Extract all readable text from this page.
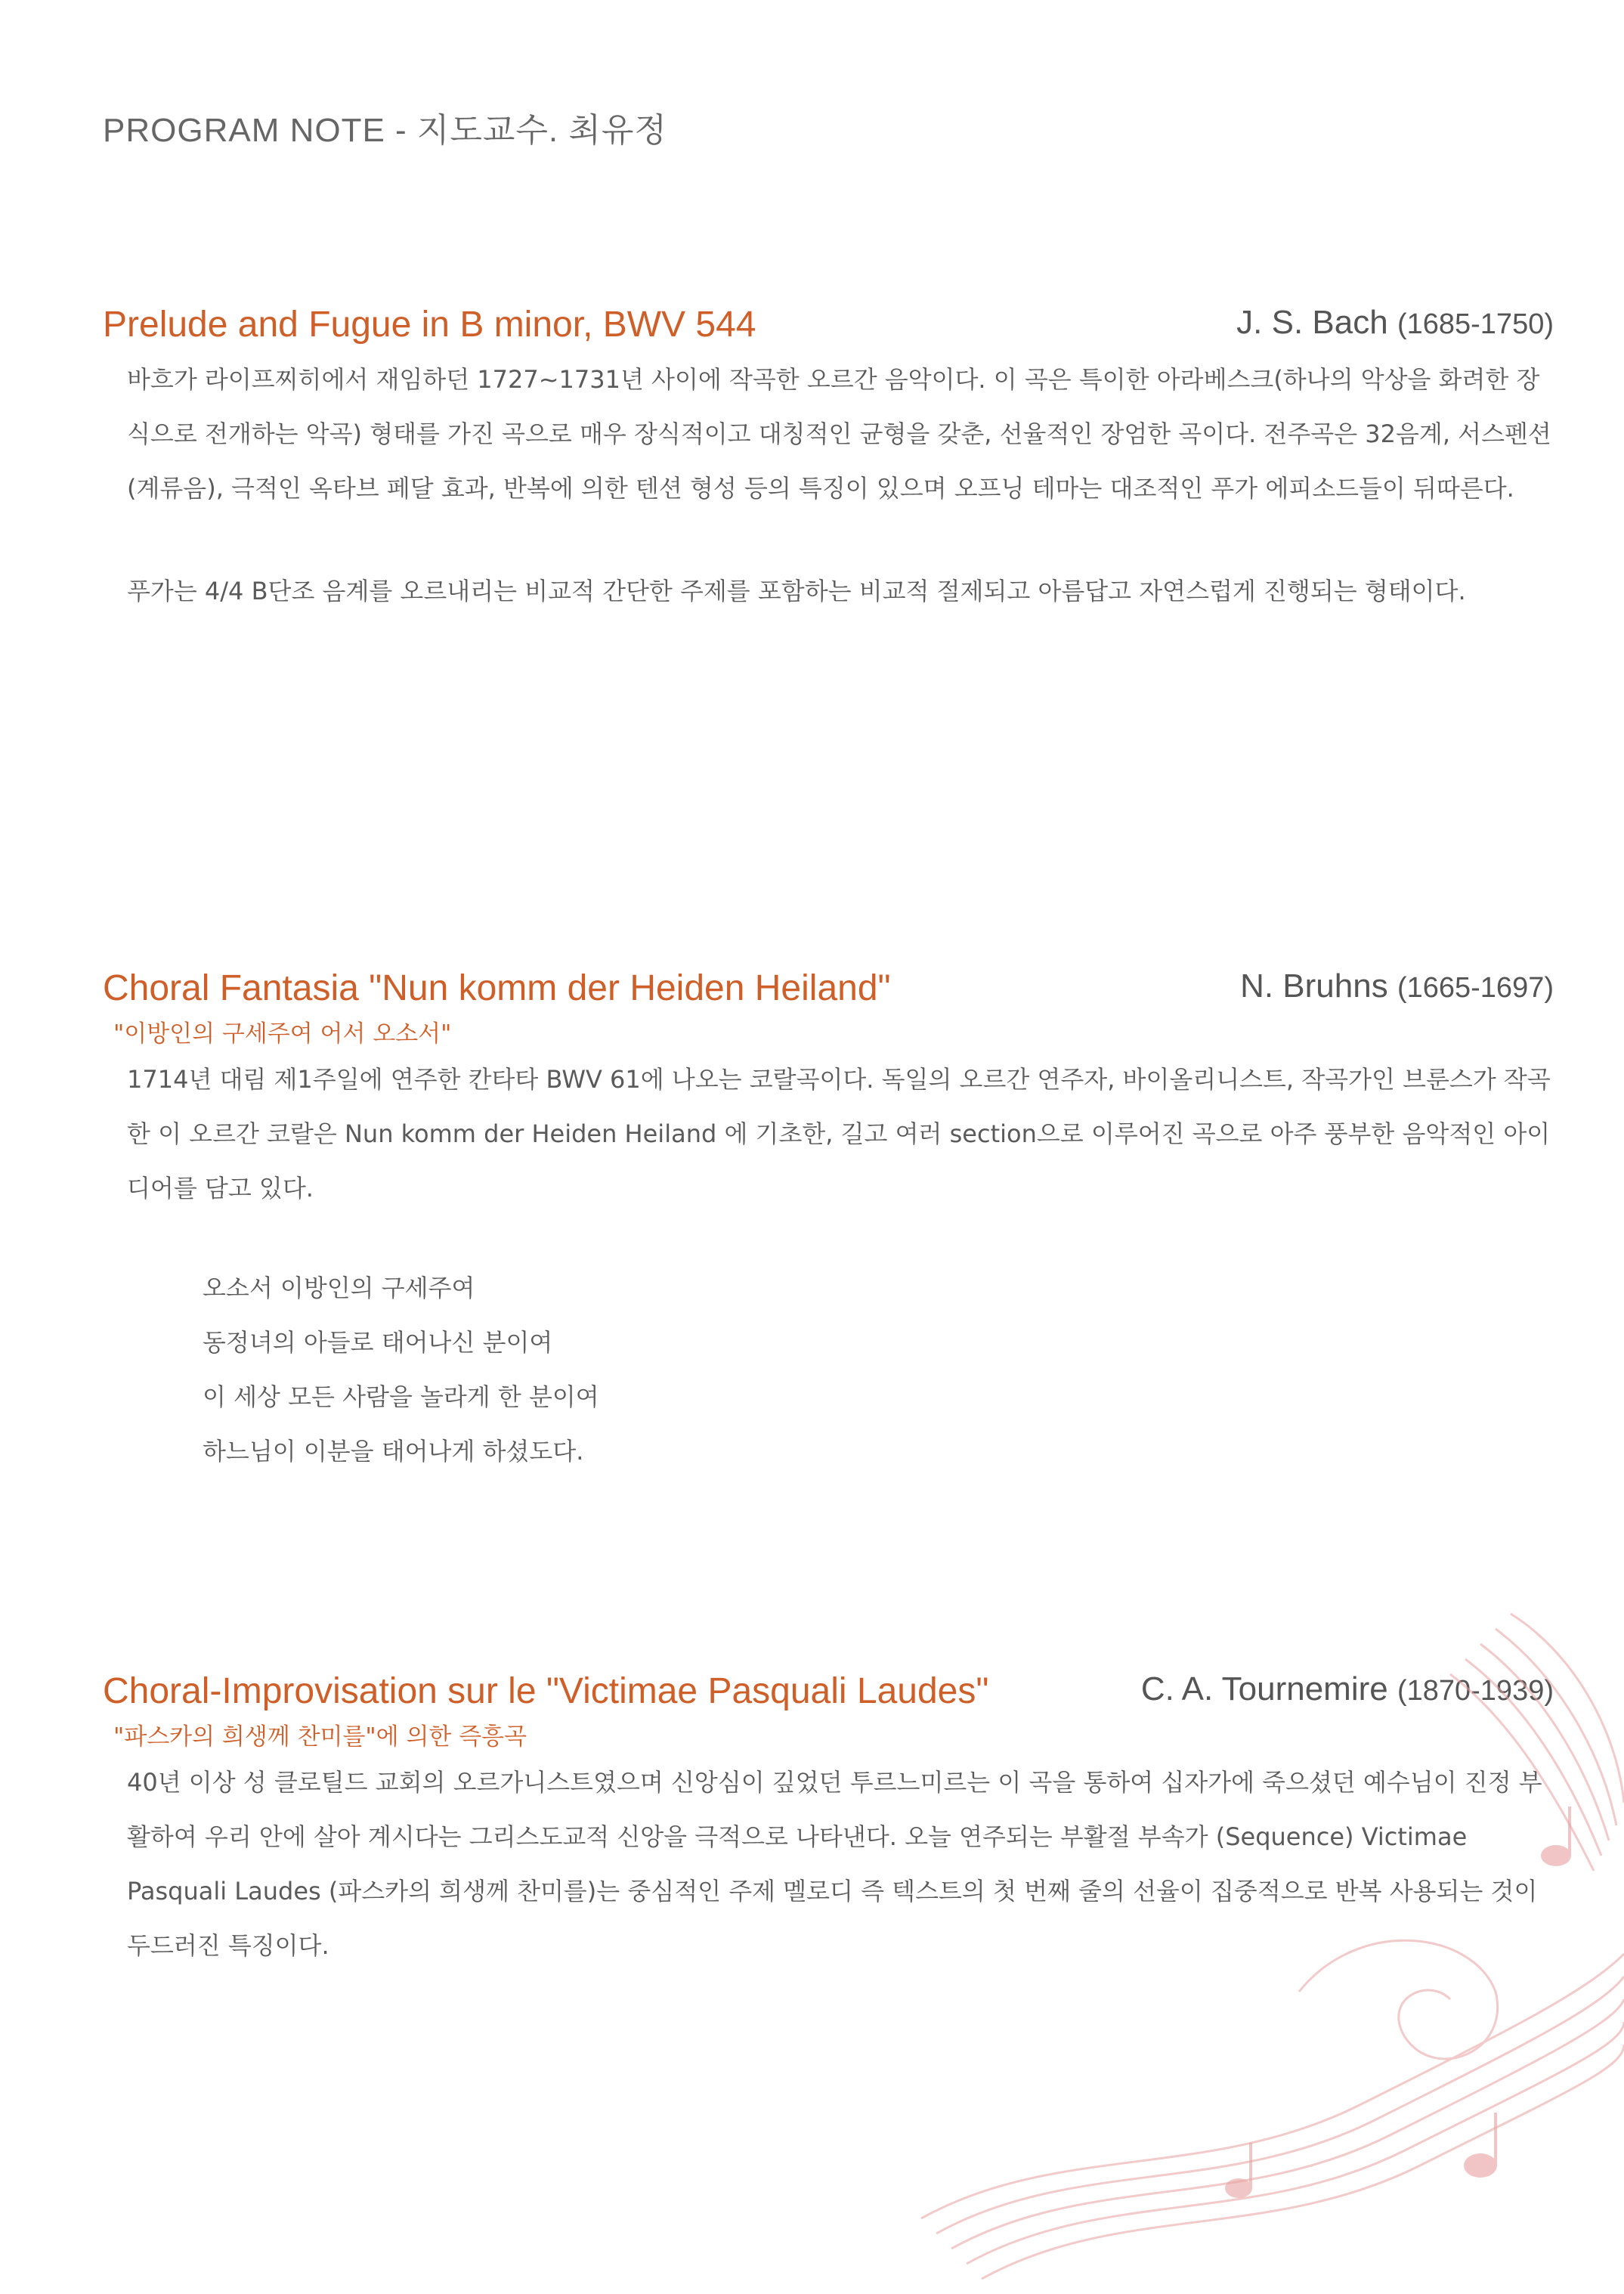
PROGRAM NOTE - 지도교수. 최유정
Prelude and Fugue in B minor, BWV 544	J. S. Bach (1685-1750)

바흐가 라이프찌히에서 재임하던 1727~1731년 사이에 작곡한 오르간 음악이다. 이 곡은 특이한 아라베스크(하나의 악상을 화려한 장식으로 전개하는 악곡) 형태를 가진 곡으로 매우 장식적이고 대칭적인 균형을 갖춘, 선율적인 장엄한 곡이다. 전주곡은 32음계, 서스펜션(계류음), 극적인 옥타브 페달 효과, 반복에 의한 텐션 형성 등의 특징이 있으며 오프닝 테마는 대조적인 푸가 에피소드들이 뒤따른다.

푸가는 4/4 B단조 음계를 오르내리는 비교적 간단한 주제를 포함하는 비교적 절제되고 아름답고 자연스럽게 진행되는 형태이다.

Choral Fantasia "Nun komm der Heiden Heiland"	N. Bruhns (1665-1697)
"이방인의 구세주여 어서 오소서"

1714년 대림 제1주일에 연주한 칸타타 BWV 61에 나오는 코랄곡이다. 독일의 오르간 연주자, 바이올리니스트, 작곡가인 브룬스가 작곡한 이 오르간 코랄은 Nun komm der Heiden Heiland 에 기초한, 길고 여러 section으로 이루어진 곡으로 아주 풍부한 음악적인 아이디어를 담고 있다.

오소서 이방인의 구세주여
동정녀의 아들로 태어나신 분이여
이 세상 모든 사람을 놀라게 한 분이여
하느님이 이분을 태어나게 하셨도다.
Choral-Improvisation sur le "Victimae Pasquali Laudes"	C. A. Tournemire (1870-1939)
"파스카의 희생께 찬미를"에 의한 즉흥곡

40년 이상 성 클로틸드 교회의 오르가니스트였으며 신앙심이 깊었던 투르느미르는 이 곡을 통하여 십자가에 죽으셨던 예수님이 진정 부활하여 우리 안에 살아 계시다는 그리스도교적 신앙을 극적으로 나타낸다. 오늘 연주되는 부활절 부속가 (Sequence) Victimae Pasquali Laudes (파스카의 희생께 찬미를)는 중심적인 주제 멜로디 즉 텍스트의 첫 번째 줄의 선율이 집중적으로 반복 사용되는 것이 두드러진 특징이다.
